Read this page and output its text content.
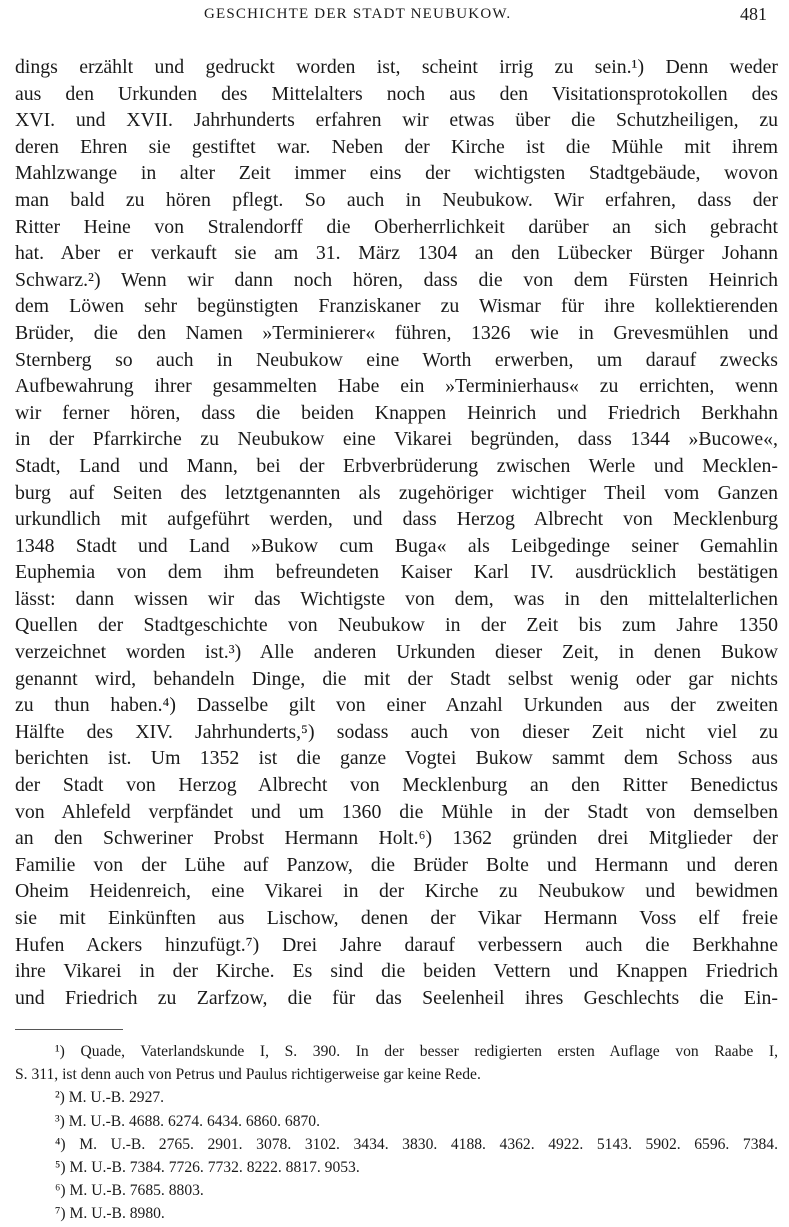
GESCHICHTE DER STADT NEUBUKOW.	481
dings erzählt und gedruckt worden ist, scheint irrig zu sein.¹) Denn weder
aus den Urkunden des Mittelalters noch aus den Visitationsprotokollen des
XVI. und XVII. Jahrhunderts erfahren wir etwas über die Schutzheiligen, zu
deren Ehren sie gestiftet war. Neben der Kirche ist die Mühle mit ihrem
Mahlzwange in alter Zeit immer eins der wichtigsten Stadtgebäude, wovon
man bald zu hören pflegt. So auch in Neubukow. Wir erfahren, dass der
Ritter Heine von Stralendorff die Oberherrlichkeit darüber an sich gebracht
hat. Aber er verkauft sie am 31. März 1304 an den Lübecker Bürger Johann
Schwarz.²) Wenn wir dann noch hören, dass die von dem Fürsten Heinrich
dem Löwen sehr begünstigten Franziskaner zu Wismar für ihre kollektierenden
Brüder, die den Namen »Terminierer« führen, 1326 wie in Grevesmühlen und
Sternberg so auch in Neubukow eine Worth erwerben, um darauf zwecks
Aufbewahrung ihrer gesammelten Habe ein »Terminierhaus« zu errichten, wenn
wir ferner hören, dass die beiden Knappen Heinrich und Friedrich Berkhahn
in der Pfarrkirche zu Neubukow eine Vikarei begründen, dass 1344 »Bucowe«,
Stadt, Land und Mann, bei der Erbverbrüderung zwischen Werle und Mecklen-
burg auf Seiten des letztgenannten als zugehöriger wichtiger Theil vom Ganzen
urkundlich mit aufgeführt werden, und dass Herzog Albrecht von Mecklenburg
1348 Stadt und Land »Bukow cum Buga« als Leibgedinge seiner Gemahlin
Euphemia von dem ihm befreundeten Kaiser Karl IV. ausdrücklich bestätigen
lässt: dann wissen wir das Wichtigste von dem, was in den mittelalterlichen
Quellen der Stadtgeschichte von Neubukow in der Zeit bis zum Jahre 1350
verzeichnet worden ist.³) Alle anderen Urkunden dieser Zeit, in denen Bukow
genannt wird, behandeln Dinge, die mit der Stadt selbst wenig oder gar nichts
zu thun haben.⁴) Dasselbe gilt von einer Anzahl Urkunden aus der zweiten
Hälfte des XIV. Jahrhunderts,⁵) sodass auch von dieser Zeit nicht viel zu
berichten ist. Um 1352 ist die ganze Vogtei Bukow sammt dem Schoss aus
der Stadt von Herzog Albrecht von Mecklenburg an den Ritter Benedictus
von Ahlefeld verpfändet und um 1360 die Mühle in der Stadt von demselben
an den Schweriner Probst Hermann Holt.⁶) 1362 gründen drei Mitglieder der
Familie von der Lühe auf Panzow, die Brüder Bolte und Hermann und deren
Oheim Heidenreich, eine Vikarei in der Kirche zu Neubukow und bewidmen
sie mit Einkünften aus Lischow, denen der Vikar Hermann Voss elf freie
Hufen Ackers hinzufügt.⁷) Drei Jahre darauf verbessern auch die Berkhahne
ihre Vikarei in der Kirche. Es sind die beiden Vettern und Knappen Friedrich
und Friedrich zu Zarfzow, die für das Seelenheil ihres Geschlechts die Ein-
¹) Quade, Vaterlandskunde I, S. 390. In der besser redigierten ersten Auflage von Raabe I,
S. 311, ist denn auch von Petrus und Paulus richtigerweise gar keine Rede.
²) M. U.-B. 2927.
³) M. U.-B. 4688. 6274. 6434. 6860. 6870.
⁴) M. U.-B. 2765. 2901. 3078. 3102. 3434. 3830. 4188. 4362. 4922. 5143. 5902. 6596. 7384.
⁵) M. U.-B. 7384. 7726. 7732. 8222. 8817. 9053.
⁶) M. U.-B. 7685. 8803.
⁷) M. U.-B. 8980.
